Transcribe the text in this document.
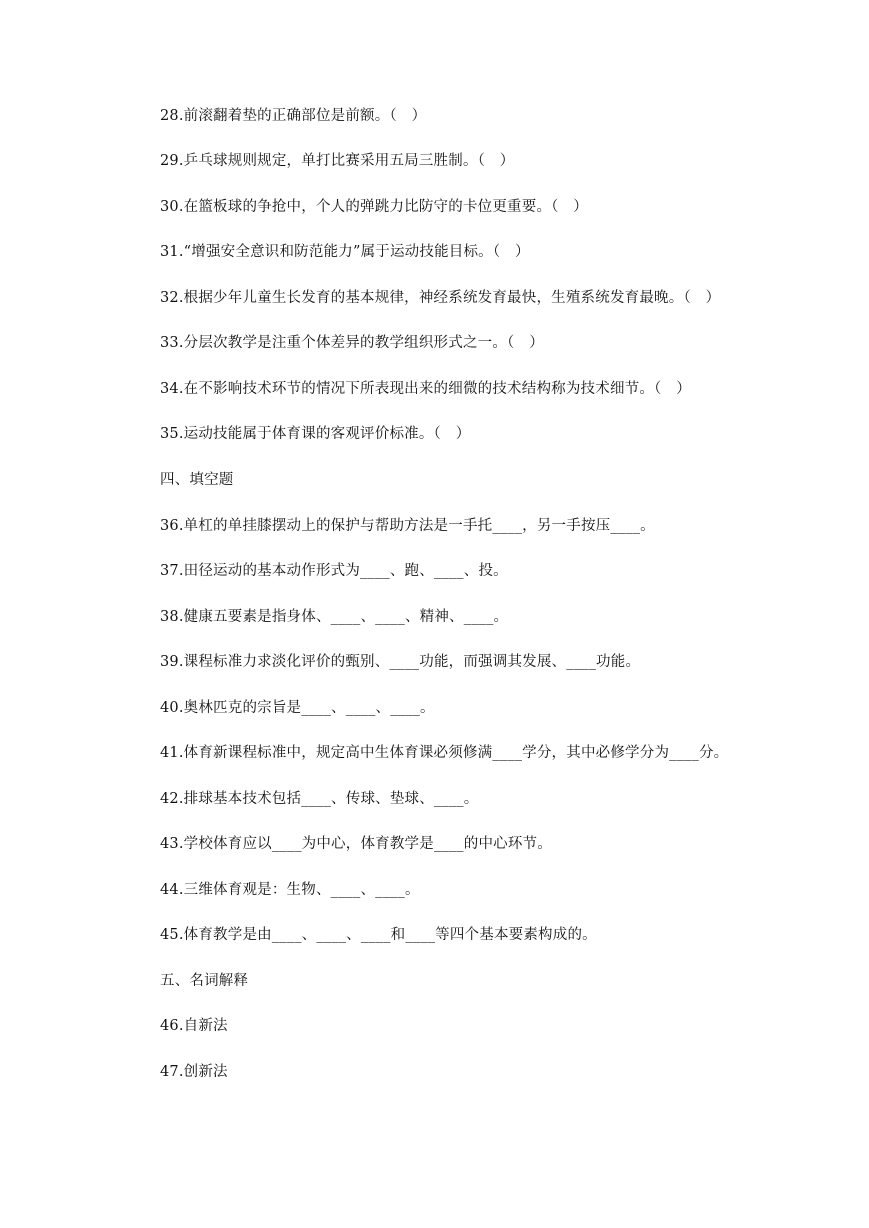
28.前滚翻着垫的正确部位是前额。（　）
29.乒乓球规则规定，单打比赛采用五局三胜制。（　）
30.在篮板球的争抢中，个人的弹跳力比防守的卡位更重要。（　）
31.“增强安全意识和防范能力”属于运动技能目标。（　）
32.根据少年儿童生长发育的基本规律，神经系统发育最快，生殖系统发育最晚。（　）
33.分层次教学是注重个体差异的教学组织形式之一。（　）
34.在不影响技术环节的情况下所表现出来的细微的技术结构称为技术细节。（　）
35.运动技能属于体育课的客观评价标准。（　）
四、填空题
36.单杠的单挂膝摆动上的保护与帮助方法是一手托____，另一手按压____。
37.田径运动的基本动作形式为____、跑、____、投。
38.健康五要素是指身体、____、____、精神、____。
39.课程标准力求淡化评价的甄别、____功能，而强调其发展、____功能。
40.奥林匹克的宗旨是____、____、____。
41.体育新课程标准中，规定高中生体育课必须修满____学分，其中必修学分为____分。
42.排球基本技术包括____、传球、垫球、____。
43.学校体育应以____为中心，体育教学是____的中心环节。
44.三维体育观是：生物、____、____。
45.体育教学是由____、____、____和____等四个基本要素构成的。
五、名词解释
46.自新法
47.创新法
